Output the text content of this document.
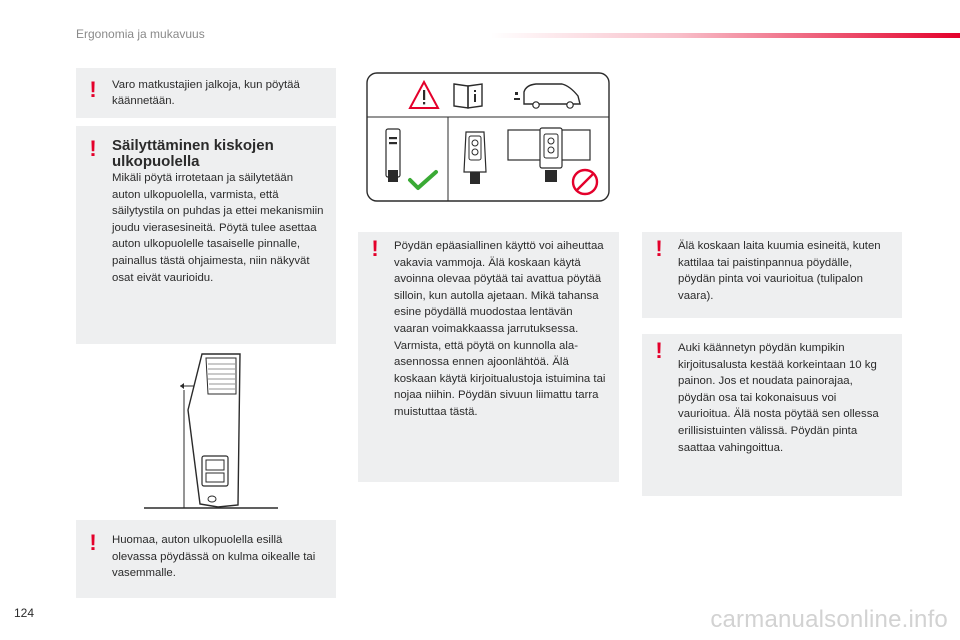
Ergonomia ja mukavuus
! Varo matkustajien jalkoja, kun pöytää käännetään.

! Säilyttäminen kiskojen ulkopuolella

Mikäli pöytä irrotetaan ja säilytetään auton ulkopuolella, varmista, että säilytystila on puhdas ja ettei mekanismiin joudu vierasesineitä. Pöytä tulee asettaa auton ulkopuolelle tasaiselle pinnalle, painallus tästä ohjaimesta, niin näkyvät osat eivät vaurioidu.

! Huomaa, auton ulkopuolella esillä olevassa pöydässä on kulma oikealle tai vasemmalle.

! Pöydän epäasiallinen käyttö voi aiheuttaa vakavia vammoja. Älä koskaan käytä avoinna olevaa pöytää tai avattua pöytää silloin, kun autolla ajetaan. Mikä tahansa esine pöydällä muodostaa lentävän vaaran voimakkaassa jarrutuksessa. Varmista, että pöytä on kunnolla ala-asennossa ennen ajoonlähtöä. Älä koskaan käytä kirjoitualustoja istuimina tai nojaa niihin. Pöydän sivuun liimattu tarra muistuttaa tästä.

! Älä koskaan laita kuumia esineitä, kuten kattilaa tai paistinpannua pöydälle, pöydän pinta voi vaurioitua (tulipalon vaara).

! Auki käännetyn pöydän kumpikin kirjoitusalusta kestää korkeintaan 10 kg painon. Jos et noudata painorajaa, pöydän osa tai kokonaisuus voi vaurioitua. Älä nosta pöytää sen ollessa erillisistuinten välissä. Pöydän pinta saattaa vahingoittua.

124	carmanualsonline.info
